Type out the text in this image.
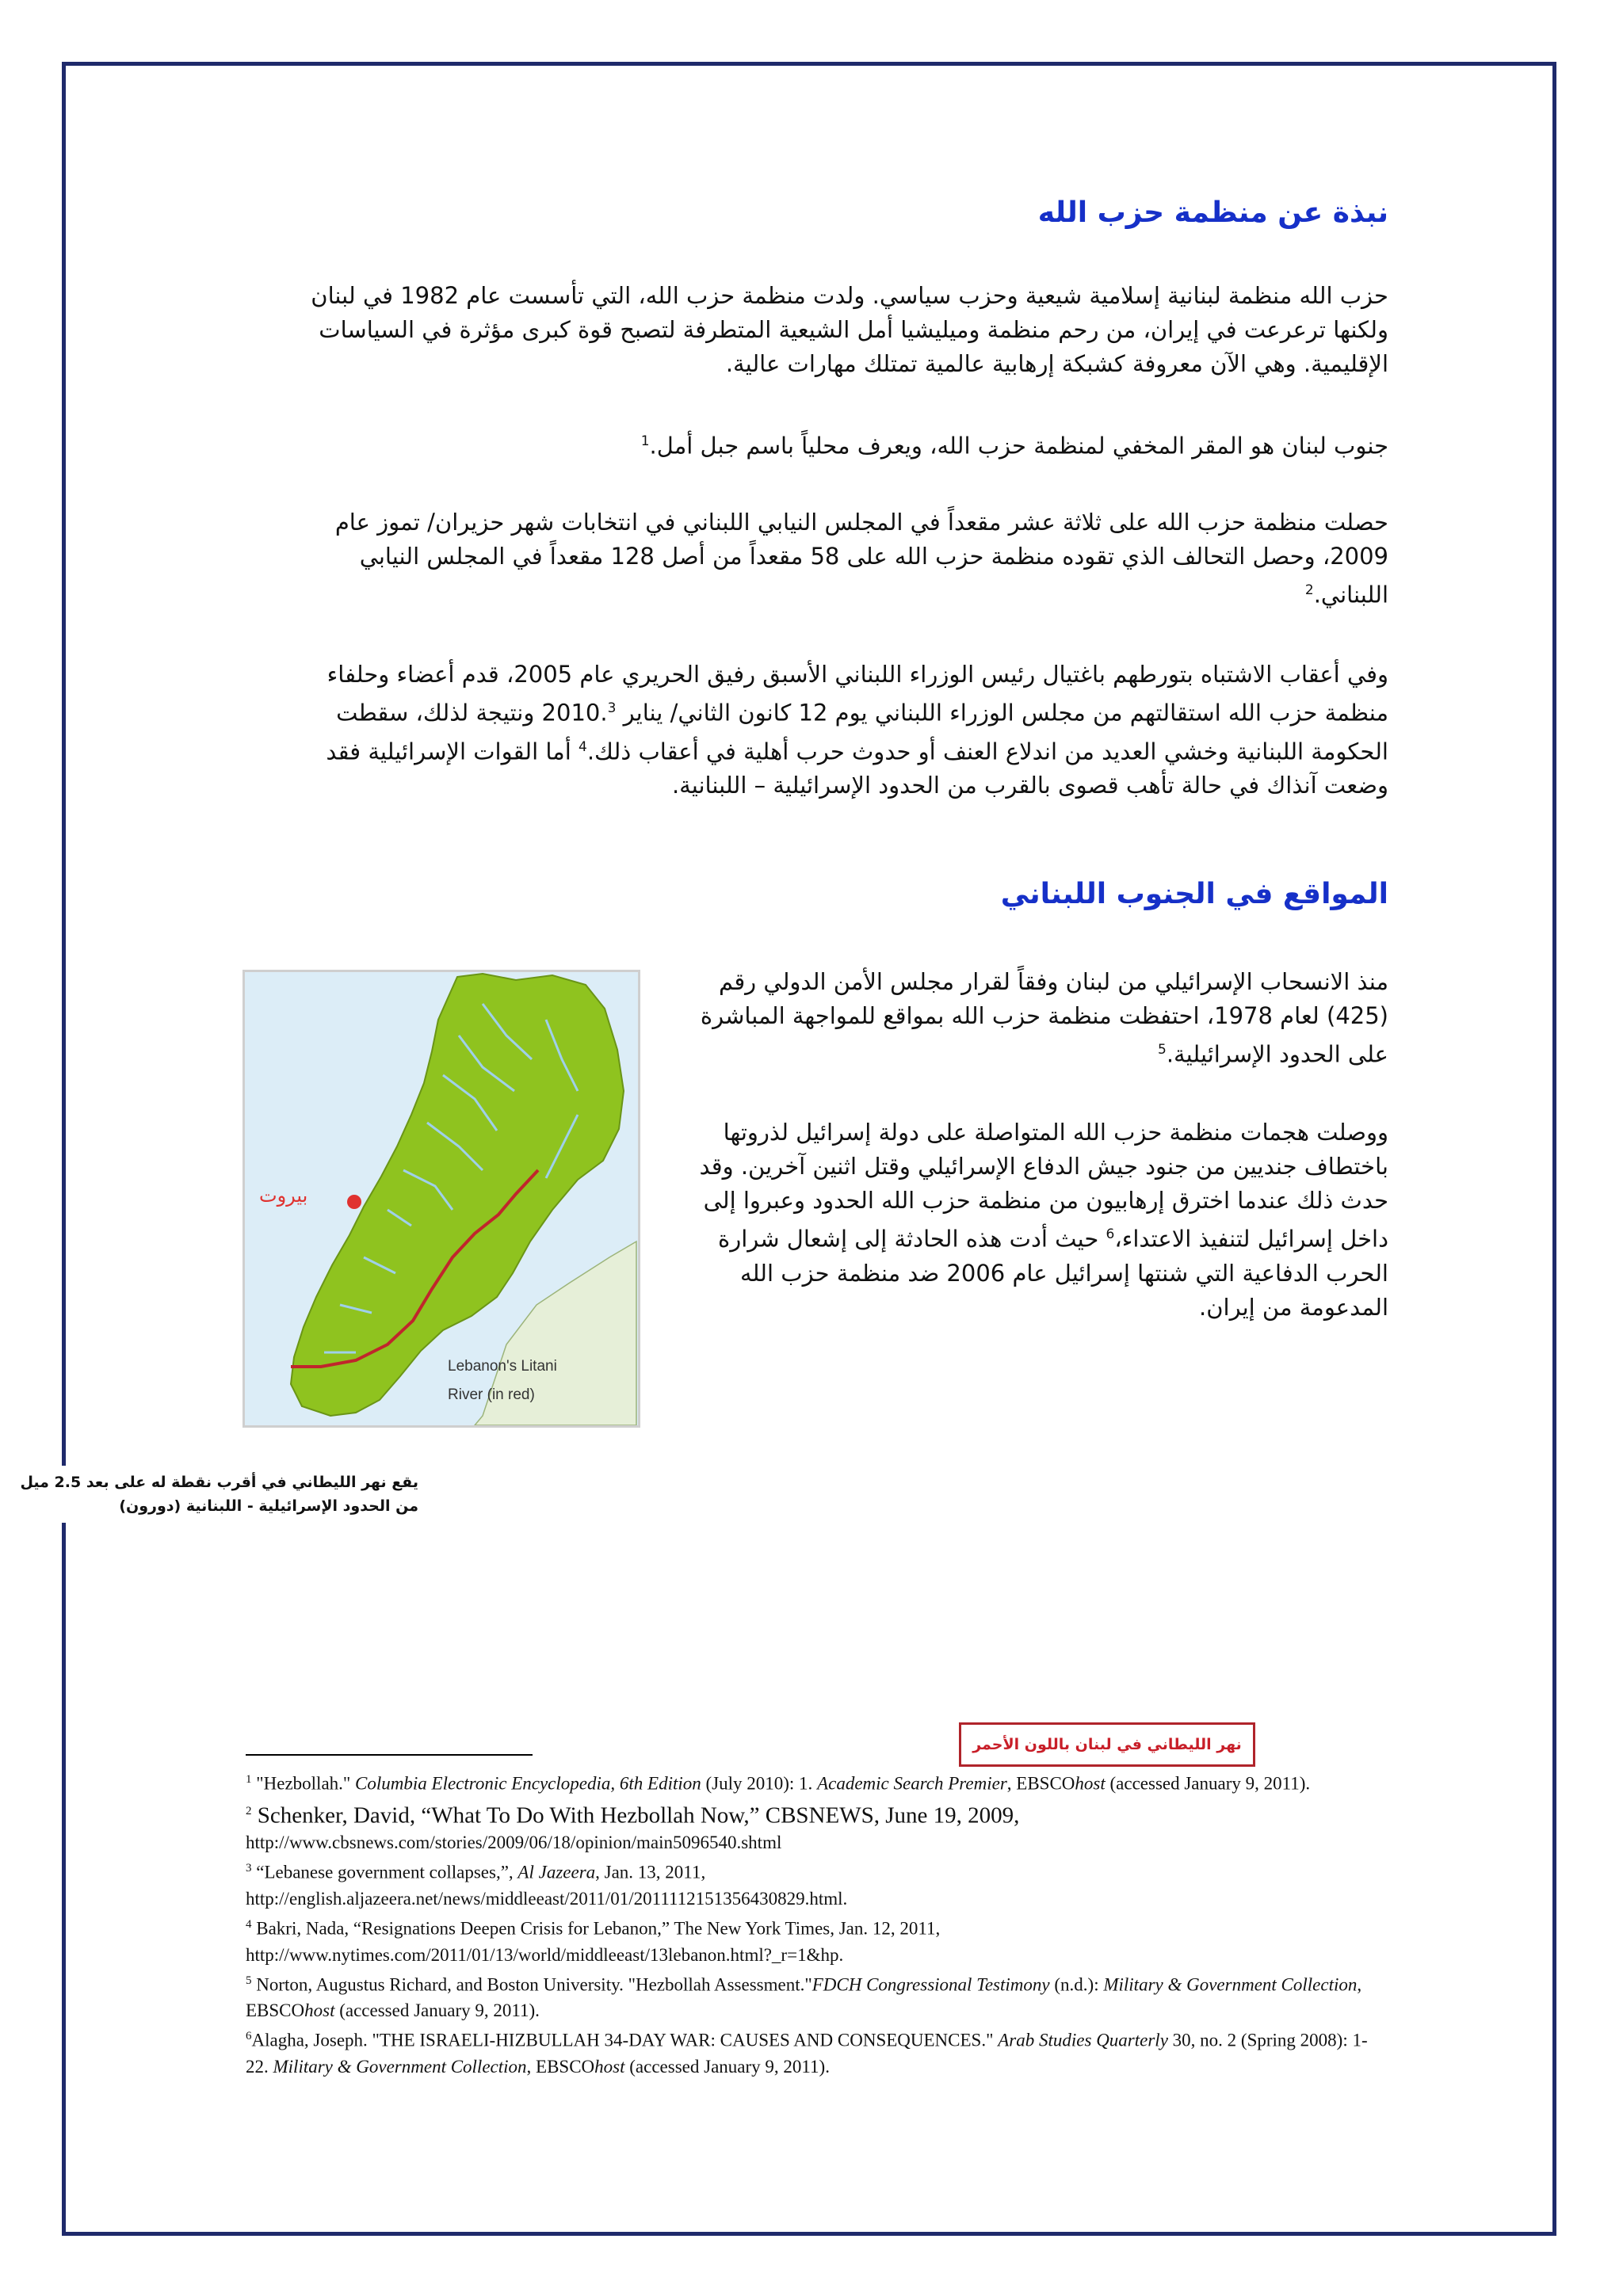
نبذة عن منظمة حزب الله

حزب الله منظمة لبنانية إسلامية شيعية وحزب سياسي. ولدت منظمة حزب الله، التي تأسست عام 1982 في لبنان ولكنها ترعرعت في إيران، من رحم منظمة وميليشيا أمل الشيعية المتطرفة لتصبح قوة كبرى مؤثرة في السياسات الإقليمية. وهي الآن معروفة كشبكة إرهابية عالمية تمتلك مهارات عالية.

جنوب لبنان هو المقر المخفي لمنظمة حزب الله، ويعرف محلياً باسم جبل أمل.$^1$

حصلت منظمة حزب الله على ثلاثة عشر مقعداً في المجلس النيابي اللبناني في انتخابات شهر حزيران/ تموز عام 2009، وحصل التحالف الذي تقوده منظمة حزب الله على 58 مقعداً من أصل 128 مقعداً في المجلس النيابي اللبناني.$^2$

وفي أعقاب الاشتباه بتورطهم باغتيال رئيس الوزراء اللبناني الأسبق رفيق الحريري عام 2005، قدم أعضاء وحلفاء منظمة حزب الله استقالتهم من مجلس الوزراء اللبناني يوم 12 كانون الثاني/ يناير 2010.$^3$ ونتيجة لذلك، سقطت الحكومة اللبنانية وخشي العديد من اندلاع العنف أو حدوث حرب أهلية في أعقاب ذلك.$^4$ أما القوات الإسرائيلية فقد وضعت آنذاك في حالة تأهب قصوى بالقرب من الحدود الإسرائيلية – اللبنانية.

المواقع في الجنوب اللبناني

منذ الانسحاب الإسرائيلي من لبنان وفقاً لقرار مجلس الأمن الدولي رقم (425) لعام 1978، احتفظت منظمة حزب الله بمواقع للمواجهة المباشرة على الحدود الإسرائيلية.$^5$

ووصلت هجمات منظمة حزب الله المتواصلة على دولة إسرائيل لذروتها باختطاف جنديين من جنود جيش الدفاع الإسرائيلي وقتل اثنين آخرين. وقد حدث ذلك عندما اخترق إرهابيون من منظمة حزب الله الحدود وعبروا إلى داخل إسرائيل لتنفيذ الاعتداء،$^6$ حيث أدت هذه الحادثة إلى إشعال شرارة الحرب الدفاعية التي شنتها إسرائيل عام 2006 ضد منظمة حزب الله المدعومة من إيران.

بيروت
Lebanon's Litani
River (in red)

يقع نهر الليطاني في أقرب نقطة له على بعد 2.5 ميل من الحدود الإسرائيلية - اللبنانية (دورون)

نهر الليطاني في لبنان باللون الأحمر

$^1$ "Hezbollah." Columbia Electronic Encyclopedia, 6th Edition (July 2010): 1. Academic Search Premier, EBSCOhost (accessed January 9, 2011).

$^2$ Schenker, David, “What To Do With Hezbollah Now,” CBSNEWS, June 19, 2009,

http://www.cbsnews.com/stories/2009/06/18/opinion/main5096540.shtml

$^3$ “Lebanese government collapses,”, Al Jazeera, Jan. 13, 2011,

http://english.aljazeera.net/news/middleeast/2011/01/2011112151356430829.html.

$^4$ Bakri, Nada, “Resignations Deepen Crisis for Lebanon,” The New York Times, Jan. 12, 2011,

http://www.nytimes.com/2011/01/13/world/middleeast/13lebanon.html?_r=1&hp.

$^5$ Norton, Augustus Richard, and Boston University. "Hezbollah Assessment."FDCH Congressional Testimony (n.d.): Military & Government Collection, EBSCOhost (accessed January 9, 2011).

$^6$Alagha, Joseph. "THE ISRAELI-HIZBULLAH 34-DAY WAR: CAUSES AND CONSEQUENCES." Arab Studies Quarterly 30, no. 2 (Spring 2008): 1-22. Military & Government Collection, EBSCOhost (accessed January 9, 2011).
